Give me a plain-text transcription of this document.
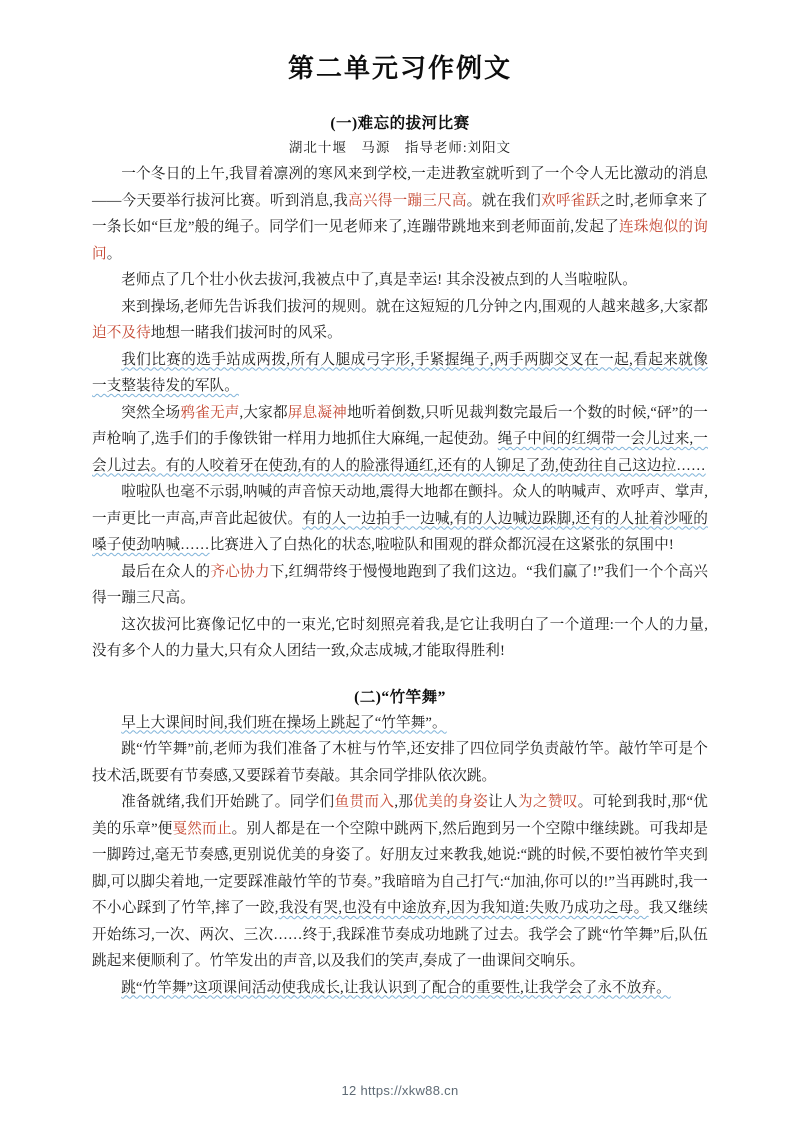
第二单元习作例文
(一)难忘的拔河比赛
湖北十堰　马源　指导老师:刘阳文

一个冬日的上午,我冒着凛冽的寒风来到学校,一走进教室就听到了一个令人无比激动的消息——今天要举行拔河比赛。听到消息,我高兴得一蹦三尺高。就在我们欢呼雀跃之时,老师拿来了一条长如“巨龙”般的绳子。同学们一见老师来了,连蹦带跳地来到老师面前,发起了连珠炮似的询问。

老师点了几个壮小伙去拔河,我被点中了,真是幸运! 其余没被点到的人当啦啦队。

来到操场,老师先告诉我们拔河的规则。就在这短短的几分钟之内,围观的人越来越多,大家都迫不及待地想一睹我们拔河时的风采。

我们比赛的选手站成两拨,所有人腿成弓字形,手紧握绳子,两手两脚交叉在一起,看起来就像一支整装待发的军队。

突然全场鸦雀无声,大家都屏息凝神地听着倒数,只听见裁判数完最后一个数的时候,“砰”的一声枪响了,选手们的手像铁钳一样用力地抓住大麻绳,一起使劲。绳子中间的红绸带一会儿过来,一会儿过去。有的人咬着牙在使劲,有的人的脸涨得通红,还有的人铆足了劲,使劲往自己这边拉……

啦啦队也毫不示弱,呐喊的声音惊天动地,震得大地都在颤抖。众人的呐喊声、欢呼声、掌声,一声更比一声高,声音此起彼伏。有的人一边拍手一边喊,有的人边喊边跺脚,还有的人扯着沙哑的嗓子使劲呐喊……比赛进入了白热化的状态,啦啦队和围观的群众都沉浸在这紧张的氛围中!

最后在众人的齐心协力下,红绸带终于慢慢地跑到了我们这边。“我们赢了!”我们一个个高兴得一蹦三尺高。

这次拔河比赛像记忆中的一束光,它时刻照亮着我,是它让我明白了一个道理:一个人的力量,没有多个人的力量大,只有众人团结一致,众志成城,才能取得胜利!

(二)“竹竿舞”

早上大课间时间,我们班在操场上跳起了“竹竿舞”。

跳“竹竿舞”前,老师为我们准备了木桩与竹竿,还安排了四位同学负责敲竹竿。敲竹竿可是个技术活,既要有节奏感,又要踩着节奏敲。其余同学排队依次跳。

准备就绪,我们开始跳了。同学们鱼贯而入,那优美的身姿让人为之赞叹。可轮到我时,那“优美的乐章”便戛然而止。别人都是在一个空隙中跳两下,然后跑到另一个空隙中继续跳。可我却是一脚跨过,毫无节奏感,更别说优美的身姿了。好朋友过来教我,她说:“跳的时候,不要怕被竹竿夹到脚,可以脚尖着地,一定要踩准敲竹竿的节奏。”我暗暗为自己打气:“加油,你可以的!”当再跳时,我一不小心踩到了竹竿,摔了一跤,我没有哭,也没有中途放弃,因为我知道:失败乃成功之母。我又继续开始练习,一次、两次、三次……终于,我踩准节奏成功地跳了过去。我学会了跳“竹竿舞”后,队伍跳起来便顺利了。竹竿发出的声音,以及我们的笑声,奏成了一曲课间交响乐。

跳“竹竿舞”这项课间活动使我成长,让我认识到了配合的重要性,让我学会了永不放弃。

12 https://xkw88.cn
